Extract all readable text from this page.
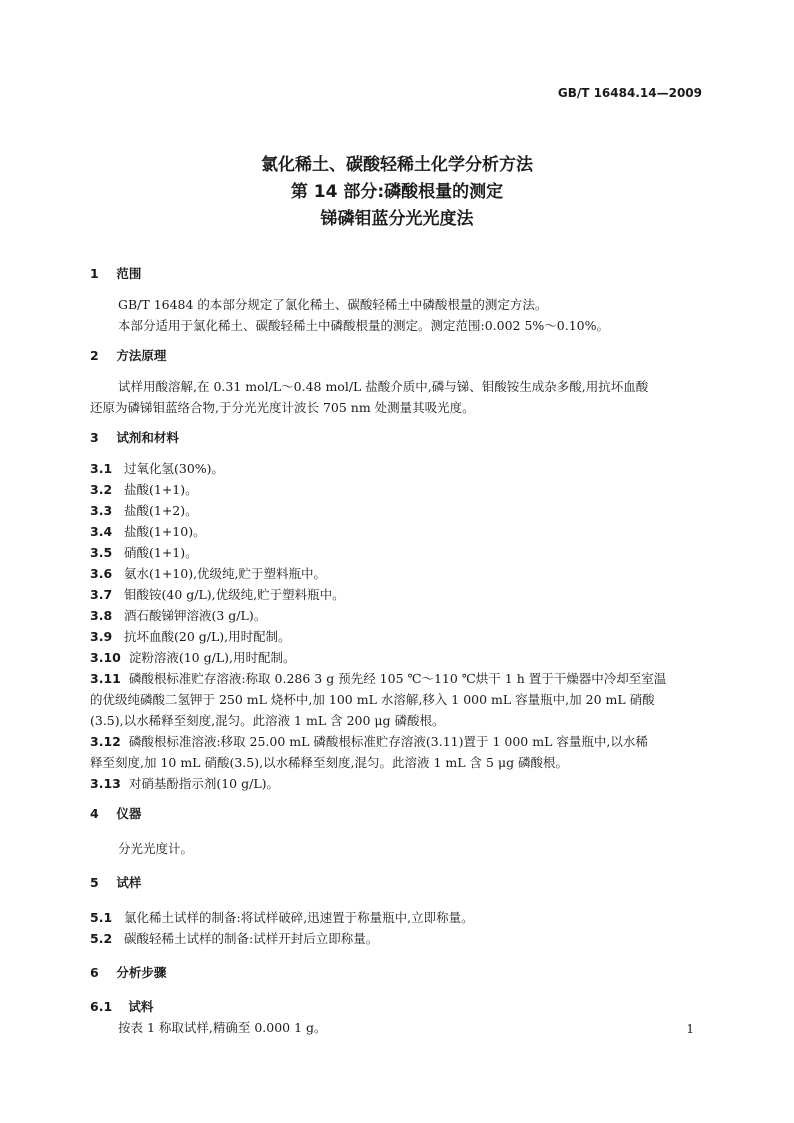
GB/T 16484.14—2009
氯化稀土、碳酸轻稀土化学分析方法
第 14 部分:磷酸根量的测定
锑磷钼蓝分光光度法
1 范围
GB/T 16484 的本部分规定了氯化稀土、碳酸轻稀土中磷酸根量的测定方法。
本部分适用于氯化稀土、碳酸轻稀土中磷酸根量的测定。测定范围:0.002 5%～0.10%。
2 方法原理
试样用酸溶解,在 0.31 mol/L～0.48 mol/L 盐酸介质中,磷与锑、钼酸铵生成杂多酸,用抗坏血酸
还原为磷锑钼蓝络合物,于分光光度计波长 705 nm 处测量其吸光度。
3 试剂和材料
3.1 过氧化氢(30%)。
3.2 盐酸(1+1)。
3.3 盐酸(1+2)。
3.4 盐酸(1+10)。
3.5 硝酸(1+1)。
3.6 氨水(1+10),优级纯,贮于塑料瓶中。
3.7 钼酸铵(40 g/L),优级纯,贮于塑料瓶中。
3.8 酒石酸锑钾溶液(3 g/L)。
3.9 抗坏血酸(20 g/L),用时配制。
3.10 淀粉溶液(10 g/L),用时配制。
3.11 磷酸根标准贮存溶液:称取 0.286 3 g 预先经 105 ℃～110 ℃烘干 1 h 置于干燥器中冷却至室温
的优级纯磷酸二氢钾于 250 mL 烧杯中,加 100 mL 水溶解,移入 1 000 mL 容量瓶中,加 20 mL 硝酸
(3.5),以水稀释至刻度,混匀。此溶液 1 mL 含 200 μg 磷酸根。
3.12 磷酸根标准溶液:移取 25.00 mL 磷酸根标准贮存溶液(3.11)置于 1 000 mL 容量瓶中,以水稀
释至刻度,加 10 mL 硝酸(3.5),以水稀释至刻度,混匀。此溶液 1 mL 含 5 μg 磷酸根。
3.13 对硝基酚指示剂(10 g/L)。
4 仪器
分光光度计。
5 试样
5.1 氯化稀土试样的制备:将试样破碎,迅速置于称量瓶中,立即称量。
5.2 碳酸轻稀土试样的制备:试样开封后立即称量。
6 分析步骤
6.1 试料
按表 1 称取试样,精确至 0.000 1 g。	1
